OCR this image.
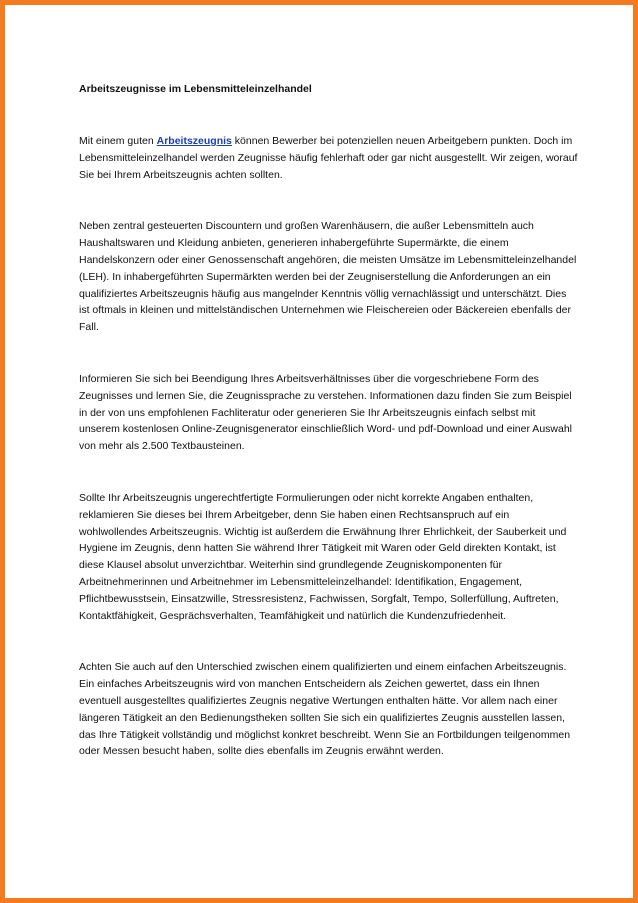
Arbeitszeugnisse im Lebensmitteleinzelhandel

Mit einem guten Arbeitszeugnis können Bewerber bei potenziellen neuen Arbeitgebern punkten. Doch im Lebensmitteleinzelhandel werden Zeugnisse häufig fehlerhaft oder gar nicht ausgestellt. Wir zeigen, worauf Sie bei Ihrem Arbeitszeugnis achten sollten.

Neben zentral gesteuerten Discountern und großen Warenhäusern, die außer Lebensmitteln auch Haushaltswaren und Kleidung anbieten, generieren inhabergeführte Supermärkte, die einem Handelskonzern oder einer Genossenschaft angehören, die meisten Umsätze im Lebensmitteleinzelhandel (LEH). In inhabergeführten Supermärkten werden bei der Zeugniserstellung die Anforderungen an ein qualifiziertes Arbeitszeugnis häufig aus mangelnder Kenntnis völlig vernachlässigt und unterschätzt. Dies ist oftmals in kleinen und mittelständischen Unternehmen wie Fleischereien oder Bäckereien ebenfalls der Fall.

Informieren Sie sich bei Beendigung Ihres Arbeitsverhältnisses über die vorgeschriebene Form des Zeugnisses und lernen Sie, die Zeugnissprache zu verstehen. Informationen dazu finden Sie zum Beispiel in der von uns empfohlenen Fachliteratur oder generieren Sie Ihr Arbeitszeugnis einfach selbst mit unserem kostenlosen Online-Zeugnisgenerator einschließlich Word- und pdf-Download und einer Auswahl von mehr als 2.500 Textbausteinen.

Sollte Ihr Arbeitszeugnis ungerechtfertigte Formulierungen oder nicht korrekte Angaben enthalten, reklamieren Sie dieses bei Ihrem Arbeitgeber, denn Sie haben einen Rechtsanspruch auf ein wohlwollendes Arbeitszeugnis. Wichtig ist außerdem die Erwähnung Ihrer Ehrlichkeit, der Sauberkeit und Hygiene im Zeugnis, denn hatten Sie während Ihrer Tätigkeit mit Waren oder Geld direkten Kontakt, ist diese Klausel absolut unverzichtbar. Weiterhin sind grundlegende Zeugniskomponenten für Arbeitnehmerinnen und Arbeitnehmer im Lebensmitteleinzelhandel: Identifikation, Engagement, Pflichtbewusstsein, Einsatzwille, Stressresistenz, Fachwissen, Sorgfalt, Tempo, Sollerfüllung, Auftreten, Kontaktfähigkeit, Gesprächsverhalten, Teamfähigkeit und natürlich die Kundenzufriedenheit.

Achten Sie auch auf den Unterschied zwischen einem qualifizierten und einem einfachen Arbeitszeugnis. Ein einfaches Arbeitszeugnis wird von manchen Entscheidern als Zeichen gewertet, dass ein Ihnen eventuell ausgestelltes qualifiziertes Zeugnis negative Wertungen enthalten hätte. Vor allem nach einer längeren Tätigkeit an den Bedienungstheken sollten Sie sich ein qualifiziertes Zeugnis ausstellen lassen, das Ihre Tätigkeit vollständig und möglichst konkret beschreibt. Wenn Sie an Fortbildungen teilgenommen oder Messen besucht haben, sollte dies ebenfalls im Zeugnis erwähnt werden.
